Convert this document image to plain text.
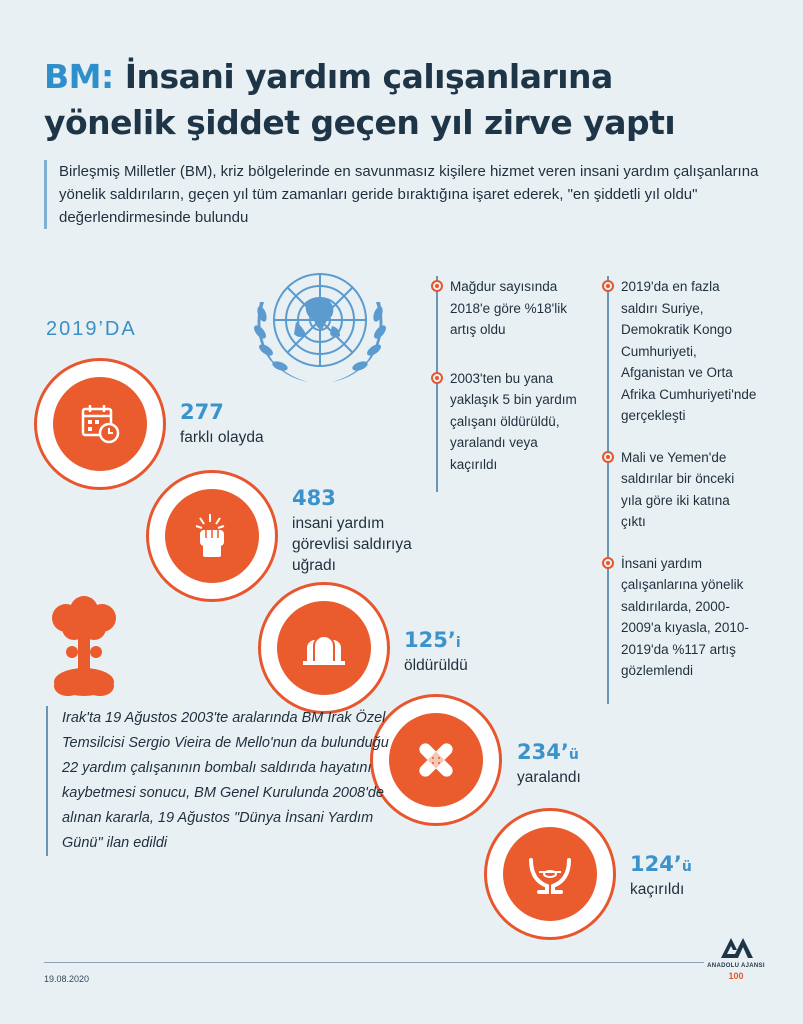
BM: İnsani yardım çalışanlarına
yönelik şiddet geçen yıl zirve yaptı
Birleşmiş Milletler (BM), kriz bölgelerinde en savunmasız kişilere hizmet veren insani yardım çalışanlarına yönelik saldırıların, geçen yıl tüm zamanları geride bıraktığına işaret ederek, "en şiddetli yıl oldu" değerlendirmesinde bulundu
2019’DA
277
farklı olayda
483
insani yardım görevlisi saldırıya uğradı
125’i
öldürüldü
234’ü
yaralandı
124’ü
kaçırıldı
Mağdur sayısında 2018'e göre %18'lik artış oldu
2003'ten bu yana yaklaşık 5 bin yardım çalışanı öldürüldü, yaralandı veya kaçırıldı
2019'da en fazla saldırı Suriye, Demokratik Kongo Cumhuriyeti, Afganistan ve Orta Afrika Cumhuriyeti'nde gerçekleşti
Mali ve Yemen'de saldırılar bir önceki yıla göre iki katına çıktı
İnsani yardım çalışanlarına yönelik saldırılarda, 2000-2009'a kıyasla, 2010-2019'da %117 artış gözlemlendi
Irak'ta 19 Ağustos 2003'te aralarında BM Irak Özel Temsilcisi Sergio Vieira de Mello'nun da bulunduğu 22 yardım çalışanının bombalı saldırıda hayatını kaybetmesi sonucu, BM Genel Kurulunda 2008'de alınan kararla, 19 Ağustos "Dünya İnsani Yardım Günü" ilan edildi
19.08.2020
ANADOLU AJANSI
100
